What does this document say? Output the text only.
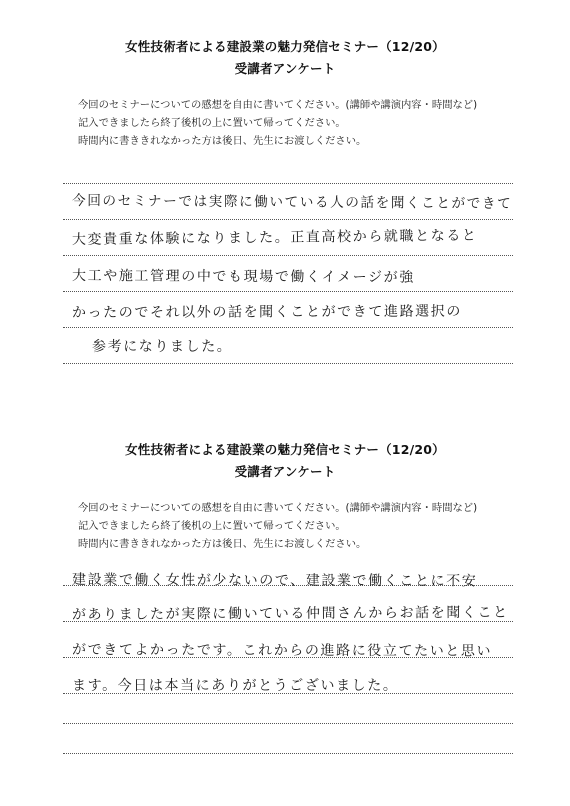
女性技術者による建設業の魅力発信セミナー（12/20）
受講者アンケート
今回のセミナーについての感想を自由に書いてください。(講師や講演内容・時間など)
記入できましたら終了後机の上に置いて帰ってください。
時間内に書ききれなかった方は後日、先生にお渡しください。
今回のセミナーでは実際に働いている人の話を聞くことができて
大変貴重な体験になりました。正直高校から就職となると
大工や施工管理の中でも現場で働くイメージが強
かったのでそれ以外の話を聞くことができて進路選択の
参考になりました。
女性技術者による建設業の魅力発信セミナー（12/20）
受講者アンケート
今回のセミナーについての感想を自由に書いてください。(講師や講演内容・時間など)
記入できましたら終了後机の上に置いて帰ってください。
時間内に書ききれなかった方は後日、先生にお渡しください。
建設業で働く女性が少ないので、建設業で働くことに不安
がありましたが実際に働いている仲間さんからお話を聞くこと
ができてよかったです。これからの進路に役立てたいと思い
ます。今日は本当にありがとうございました。
